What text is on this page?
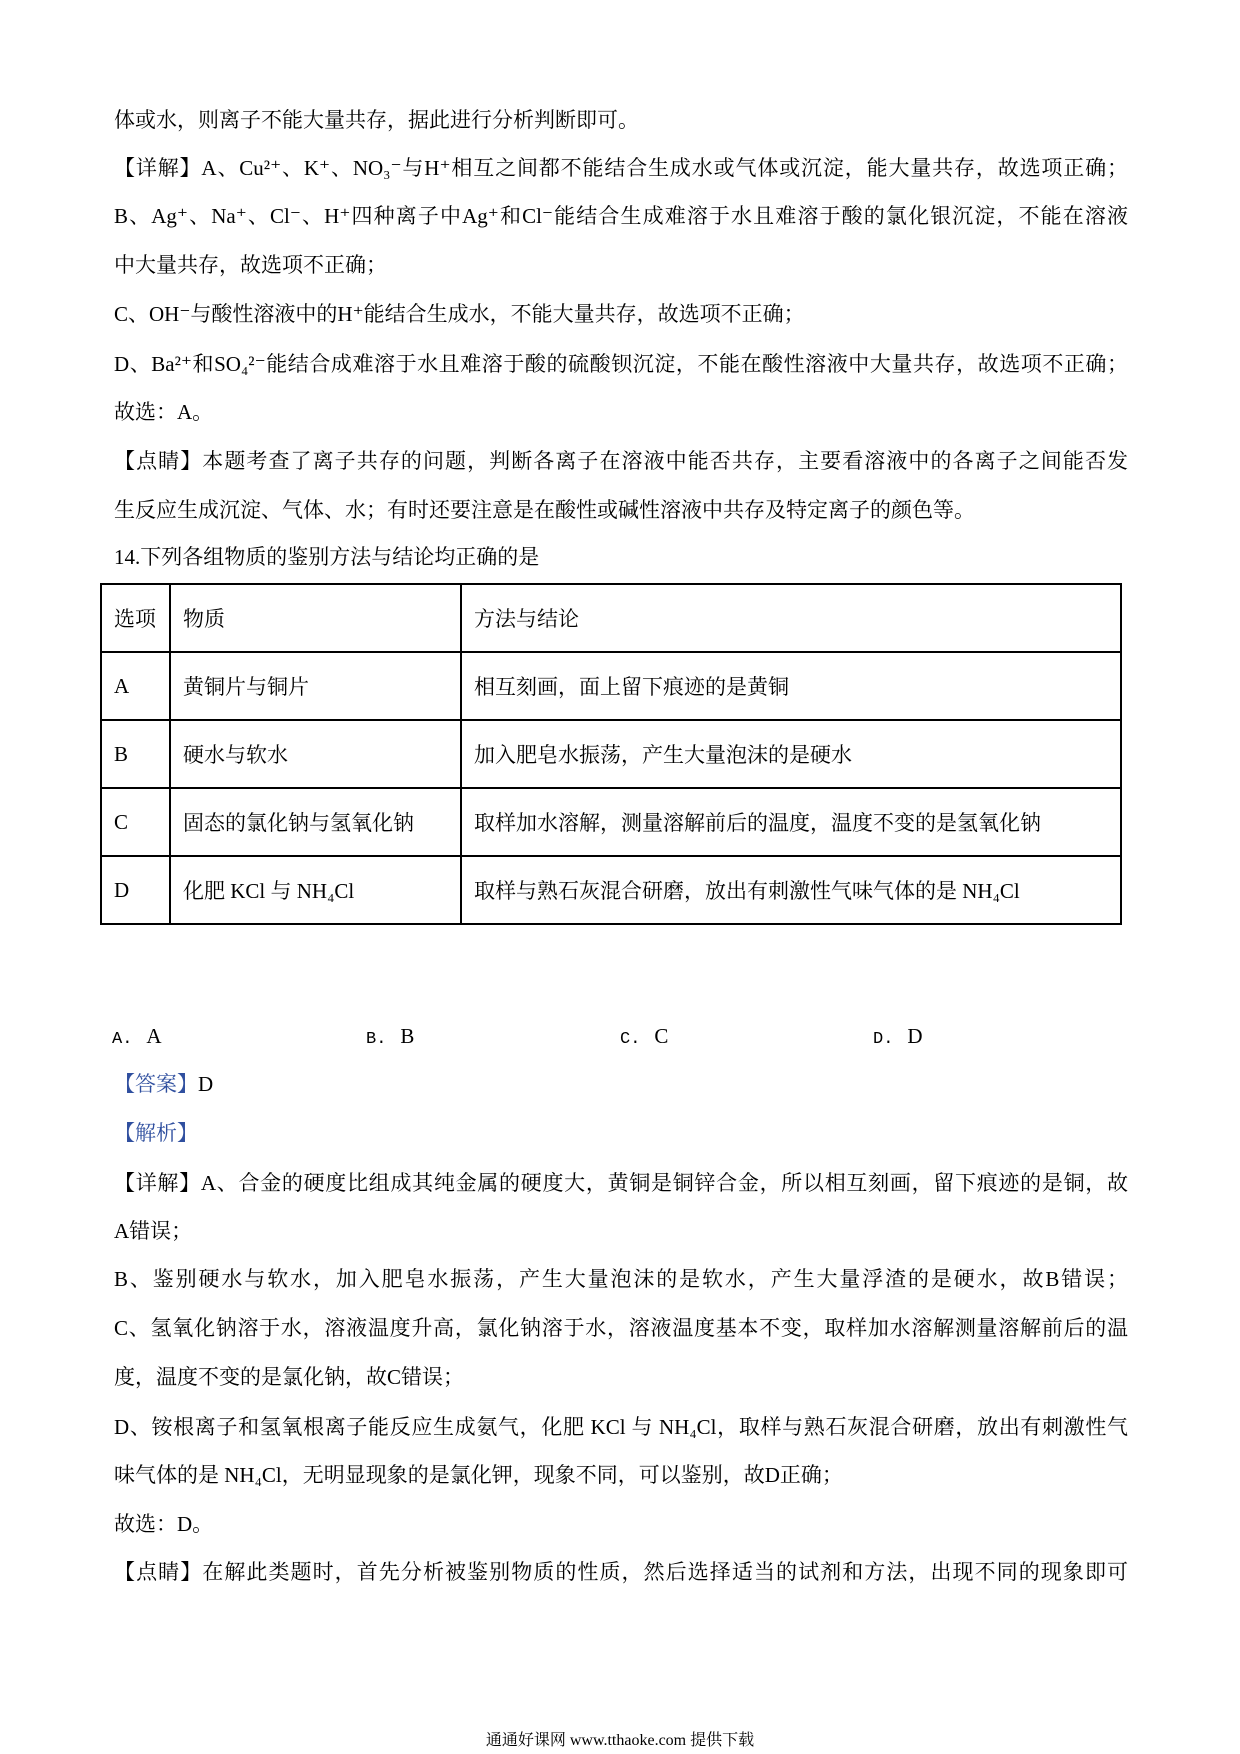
体或水，则离子不能大量共存，据此进行分析判断即可。
【详解】A、Cu²⁺、K⁺、NO₃⁻与H⁺相互之间都不能结合生成水或气体或沉淀，能大量共存，故选项正确；
B、Ag⁺、Na⁺、Cl⁻、H⁺四种离子中Ag⁺和Cl⁻能结合生成难溶于水且难溶于酸的氯化银沉淀，不能在溶液
中大量共存，故选项不正确；
C、OH⁻与酸性溶液中的H⁺能结合生成水，不能大量共存，故选项不正确；
D、Ba²⁺和SO₄²⁻能结合成难溶于水且难溶于酸的硫酸钡沉淀，不能在酸性溶液中大量共存，故选项不正确；
故选：A。
【点睛】本题考查了离子共存的问题，判断各离子在溶液中能否共存，主要看溶液中的各离子之间能否发
生反应生成沉淀、气体、水；有时还要注意是在酸性或碱性溶液中共存及特定离子的颜色等。
14.下列各组物质的鉴别方法与结论均正确的是
选项	物质	方法与结论
A	黄铜片与铜片	相互刻画，面上留下痕迹的是黄铜
B	硬水与软水	加入肥皂水振荡，产生大量泡沫的是硬水
C	固态的氯化钠与氢氧化钠	取样加水溶解，测量溶解前后的温度，温度不变的是氢氧化钠
D	化肥 KCl 与 NH₄Cl	取样与熟石灰混合研磨，放出有刺激性气味气体的是 NH₄Cl
A. A	B. B	C. C	D. D
【答案】D
【解析】
【详解】A、合金的硬度比组成其纯金属的硬度大，黄铜是铜锌合金，所以相互刻画，留下痕迹的是铜，故
A错误；
B、鉴别硬水与软水，加入肥皂水振荡，产生大量泡沫的是软水，产生大量浮渣的是硬水，故B错误；
C、氢氧化钠溶于水，溶液温度升高，氯化钠溶于水，溶液温度基本不变，取样加水溶解测量溶解前后的温
度，温度不变的是氯化钠，故C错误；
D、铵根离子和氢氧根离子能反应生成氨气，化肥 KCl 与 NH₄Cl，取样与熟石灰混合研磨，放出有刺激性气
味气体的是 NH₄Cl，无明显现象的是氯化钾，现象不同，可以鉴别，故D正确；
故选：D。
【点睛】在解此类题时，首先分析被鉴别物质的性质，然后选择适当的试剂和方法，出现不同的现象即可
通通好课网 www.tthaoke.com 提供下载
